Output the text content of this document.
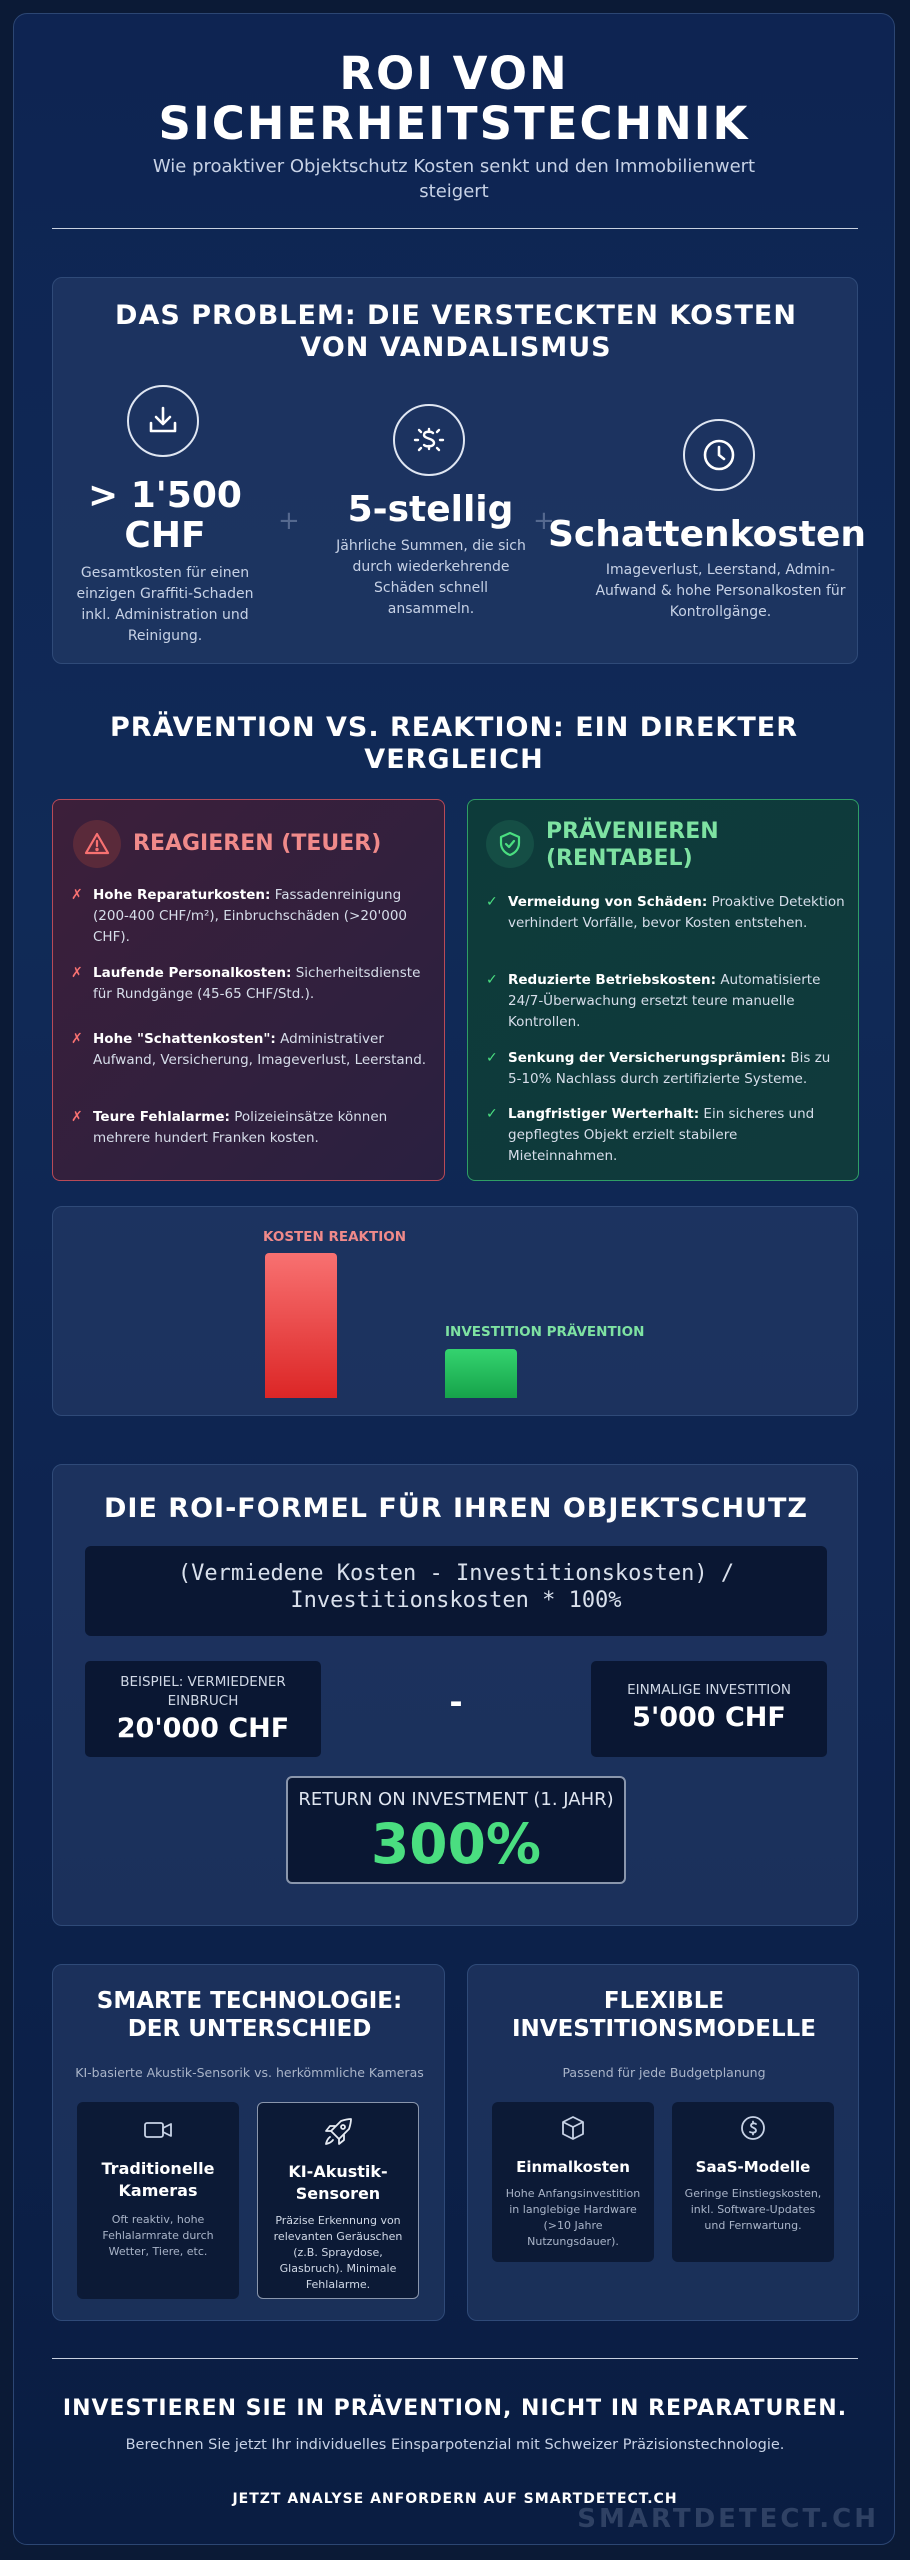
ROI VON SICHERHEITSTECHNIK
Wie proaktiver Objektschutz Kosten senkt und den Immobilienwert steigert
DAS PROBLEM: DIE VERSTECKTEN KOSTEN VON VANDALISMUS
> 1'500 CHF
Gesamtkosten für einen einzigen Graffiti-Schaden inkl. Administration und Reinigung.
+	5-stellig
Jährliche Summen, die sich durch wiederkehrende Schäden schnell ansammeln.
+
Schattenkosten
Imageverlust, Leerstand, Admin-Aufwand & hohe Personalkosten für Kontrollgänge.
PRÄVENTION VS. REAKTION: EIN DIREKTER VERGLEICH
REAGIEREN (TEUER)
✗ Hohe Reparaturkosten: Fassadenreinigung (200-400 CHF/m²), Einbruchschäden (>20'000 CHF).
✗ Laufende Personalkosten: Sicherheitsdienste für Rundgänge (45-65 CHF/Std.).
✗ Hohe "Schattenkosten": Administrativer Aufwand, Versicherung, Imageverlust, Leerstand.
✗ Teure Fehlalarme: Polizeieinsätze können mehrere hundert Franken kosten.
PRÄVENIEREN (RENTABEL)
✓ Vermeidung von Schäden: Proaktive Detektion verhindert Vorfälle, bevor Kosten entstehen.
✓ Reduzierte Betriebskosten: Automatisierte 24/7-Überwachung ersetzt teure manuelle Kontrollen.
✓ Senkung der Versicherungsprämien: Bis zu 5-10% Nachlass durch zertifizierte Systeme.
✓ Langfristiger Werterhalt: Ein sicheres und gepflegtes Objekt erzielt stabilere Mieteinnahmen.
KOSTEN REAKTION
INVESTITION PRÄVENTION
DIE ROI-FORMEL FÜR IHREN OBJEKTSCHUTZ
(Vermiedene Kosten - Investitionskosten) / Investitionskosten * 100%
BEISPIEL: VERMIEDENER EINBRUCH
20'000 CHF
-	EINMALIGE INVESTITION
5'000 CHF
RETURN ON INVESTMENT (1. JAHR)
300%
SMARTE TECHNOLOGIE: DER UNTERSCHIED
KI-basierte Akustik-Sensorik vs. herkömmliche Kameras
Traditionelle Kameras
Oft reaktiv, hohe Fehlalarmrate durch Wetter, Tiere, etc.
KI-Akustik-Sensoren
Präzise Erkennung von relevanten Geräuschen (z.B. Spraydose, Glasbruch). Minimale Fehlalarme.
FLEXIBLE INVESTITIONSMODELLE
Passend für jede Budgetplanung
Einmalkosten
Hohe Anfangsinvestition in langlebige Hardware (>10 Jahre Nutzungsdauer).
SaaS-Modelle
Geringe Einstiegskosten, inkl. Software-Updates und Fernwartung.
INVESTIEREN SIE IN PRÄVENTION, NICHT IN REPARATUREN.
Berechnen Sie jetzt Ihr individuelles Einsparpotenzial mit Schweizer Präzisionstechnologie.
JETZT ANALYSE ANFORDERN AUF SMARTDETECT.CH
SMARTDETECT.CH
